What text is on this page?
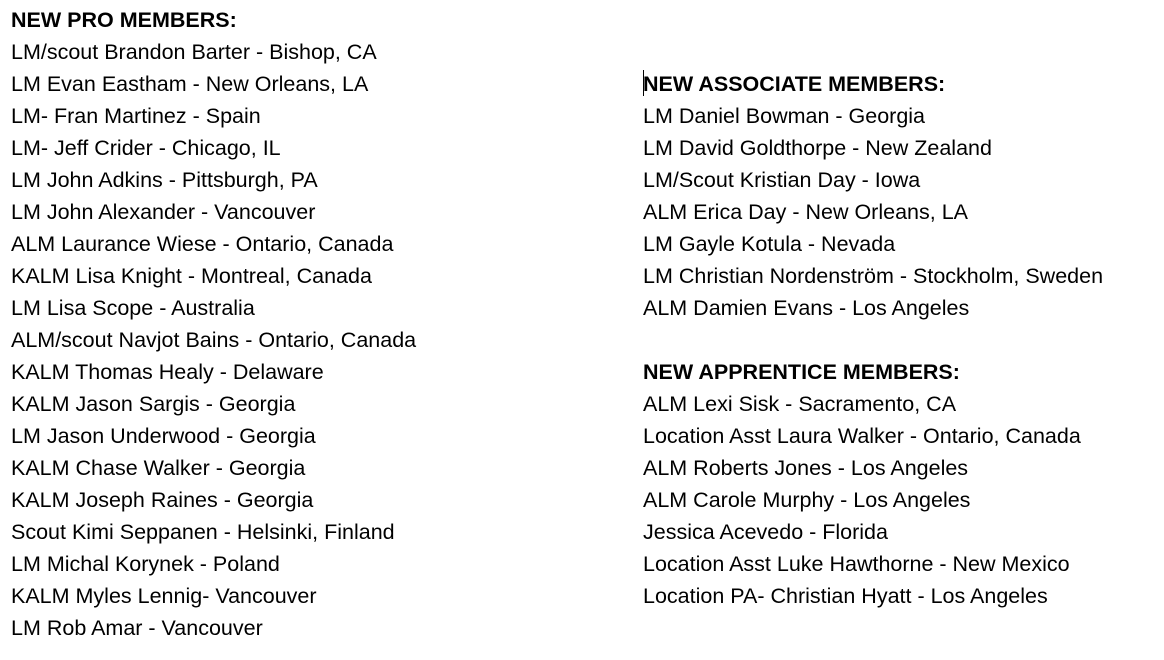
NEW PRO MEMBERS:
LM/scout Brandon Barter - Bishop, CA
LM Evan Eastham - New Orleans, LA
LM- Fran Martinez - Spain
LM- Jeff Crider - Chicago, IL
LM John Adkins - Pittsburgh, PA
LM John Alexander - Vancouver
ALM Laurance Wiese - Ontario, Canada
KALM Lisa Knight - Montreal, Canada
LM Lisa Scope - Australia
ALM/scout Navjot Bains - Ontario, Canada
KALM Thomas Healy - Delaware
KALM Jason Sargis - Georgia
LM Jason Underwood - Georgia
KALM Chase Walker - Georgia
KALM Joseph Raines - Georgia
Scout Kimi Seppanen - Helsinki, Finland
LM Michal Korynek - Poland
KALM Myles Lennig- Vancouver
LM Rob Amar - Vancouver
NEW ASSOCIATE MEMBERS:
LM Daniel Bowman - Georgia
LM David Goldthorpe - New Zealand
LM/Scout Kristian Day - Iowa
ALM Erica Day - New Orleans, LA
LM Gayle Kotula - Nevada
LM Christian Nordenström - Stockholm, Sweden
ALM Damien Evans - Los Angeles
NEW APPRENTICE MEMBERS:
ALM Lexi Sisk - Sacramento, CA
Location Asst Laura Walker - Ontario, Canada
ALM Roberts Jones - Los Angeles
ALM Carole Murphy - Los Angeles
Jessica Acevedo - Florida
Location Asst Luke Hawthorne - New Mexico
Location PA- Christian Hyatt - Los Angeles
